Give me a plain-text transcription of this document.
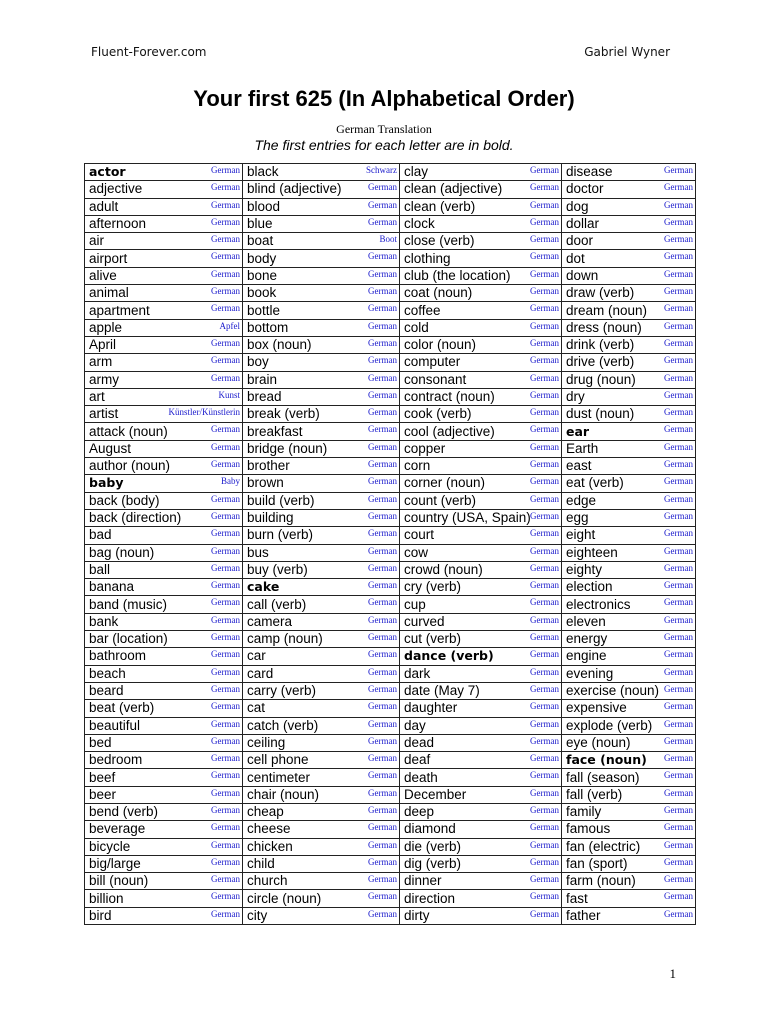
Fluent-Forever.com	Gabriel Wyner
Your first 625 (In Alphabetical Order)
German Translation
The first entries for each letter are in bold.
actor German	black Schwarz	clay German	disease German

adjective German	blind (adjective) German	clean (adjective) German	doctor German

adult German	blood German	clean (verb) German	dog German

afternoon German	blue German	clock German	dollar German

air German	boat Boot	close (verb) German	door German

airport German	body German	clothing German	dot German

alive German	bone German	club (the location) German	down German

animal German	book German	coat (noun) German	draw (verb) German

apartment German	bottle German	coffee German	dream (noun) German

apple Apfel	bottom German	cold German	dress (noun) German

April German	box (noun) German	color (noun) German	drink (verb) German

arm German	boy German	computer German	drive (verb) German

army German	brain German	consonant German	drug (noun) German

art Kunst	bread German	contract (noun) German	dry German

artist Künstler/Künstlerin	break (verb) German	cook (verb) German	dust (noun) German

attack (noun) German	breakfast German	cool (adjective) German	ear German

August German	bridge (noun) German	copper German	Earth German

author (noun) German	brother German	corn German	east German

baby Baby	brown German	corner (noun) German	eat (verb) German

back (body) German	build (verb) German	count (verb) German	edge German

back (direction) German	building German	country (USA, Spain) German	egg German

bad German	burn (verb) German	court German	eight German

bag (noun) German	bus German	cow German	eighteen German

ball German	buy (verb) German	crowd (noun) German	eighty German

banana German	cake German	cry (verb) German	election German

band (music) German	call (verb) German	cup German	electronics German

bank German	camera German	curved German	eleven German

bar (location) German	camp (noun) German	cut (verb) German	energy German

bathroom German	car German	dance (verb) German	engine German

beach German	card German	dark German	evening German

beard German	carry (verb) German	date (May 7) German	exercise (noun) German

beat (verb) German	cat German	daughter German	expensive German

beautiful German	catch (verb) German	day German	explode (verb) German

bed German	ceiling German	dead German	eye (noun) German

bedroom German	cell phone German	deaf German	face (noun) German

beef German	centimeter German	death German	fall (season) German

beer German	chair (noun) German	December German	fall (verb) German

bend (verb) German	cheap German	deep German	family German

beverage German	cheese German	diamond German	famous German

bicycle German	chicken German	die (verb) German	fan (electric) German

big/large German	child German	dig (verb) German	fan (sport) German

bill (noun) German	church German	dinner German	farm (noun) German

billion German	circle (noun) German	direction German	fast German

bird German	city German	dirty German	father German
1
